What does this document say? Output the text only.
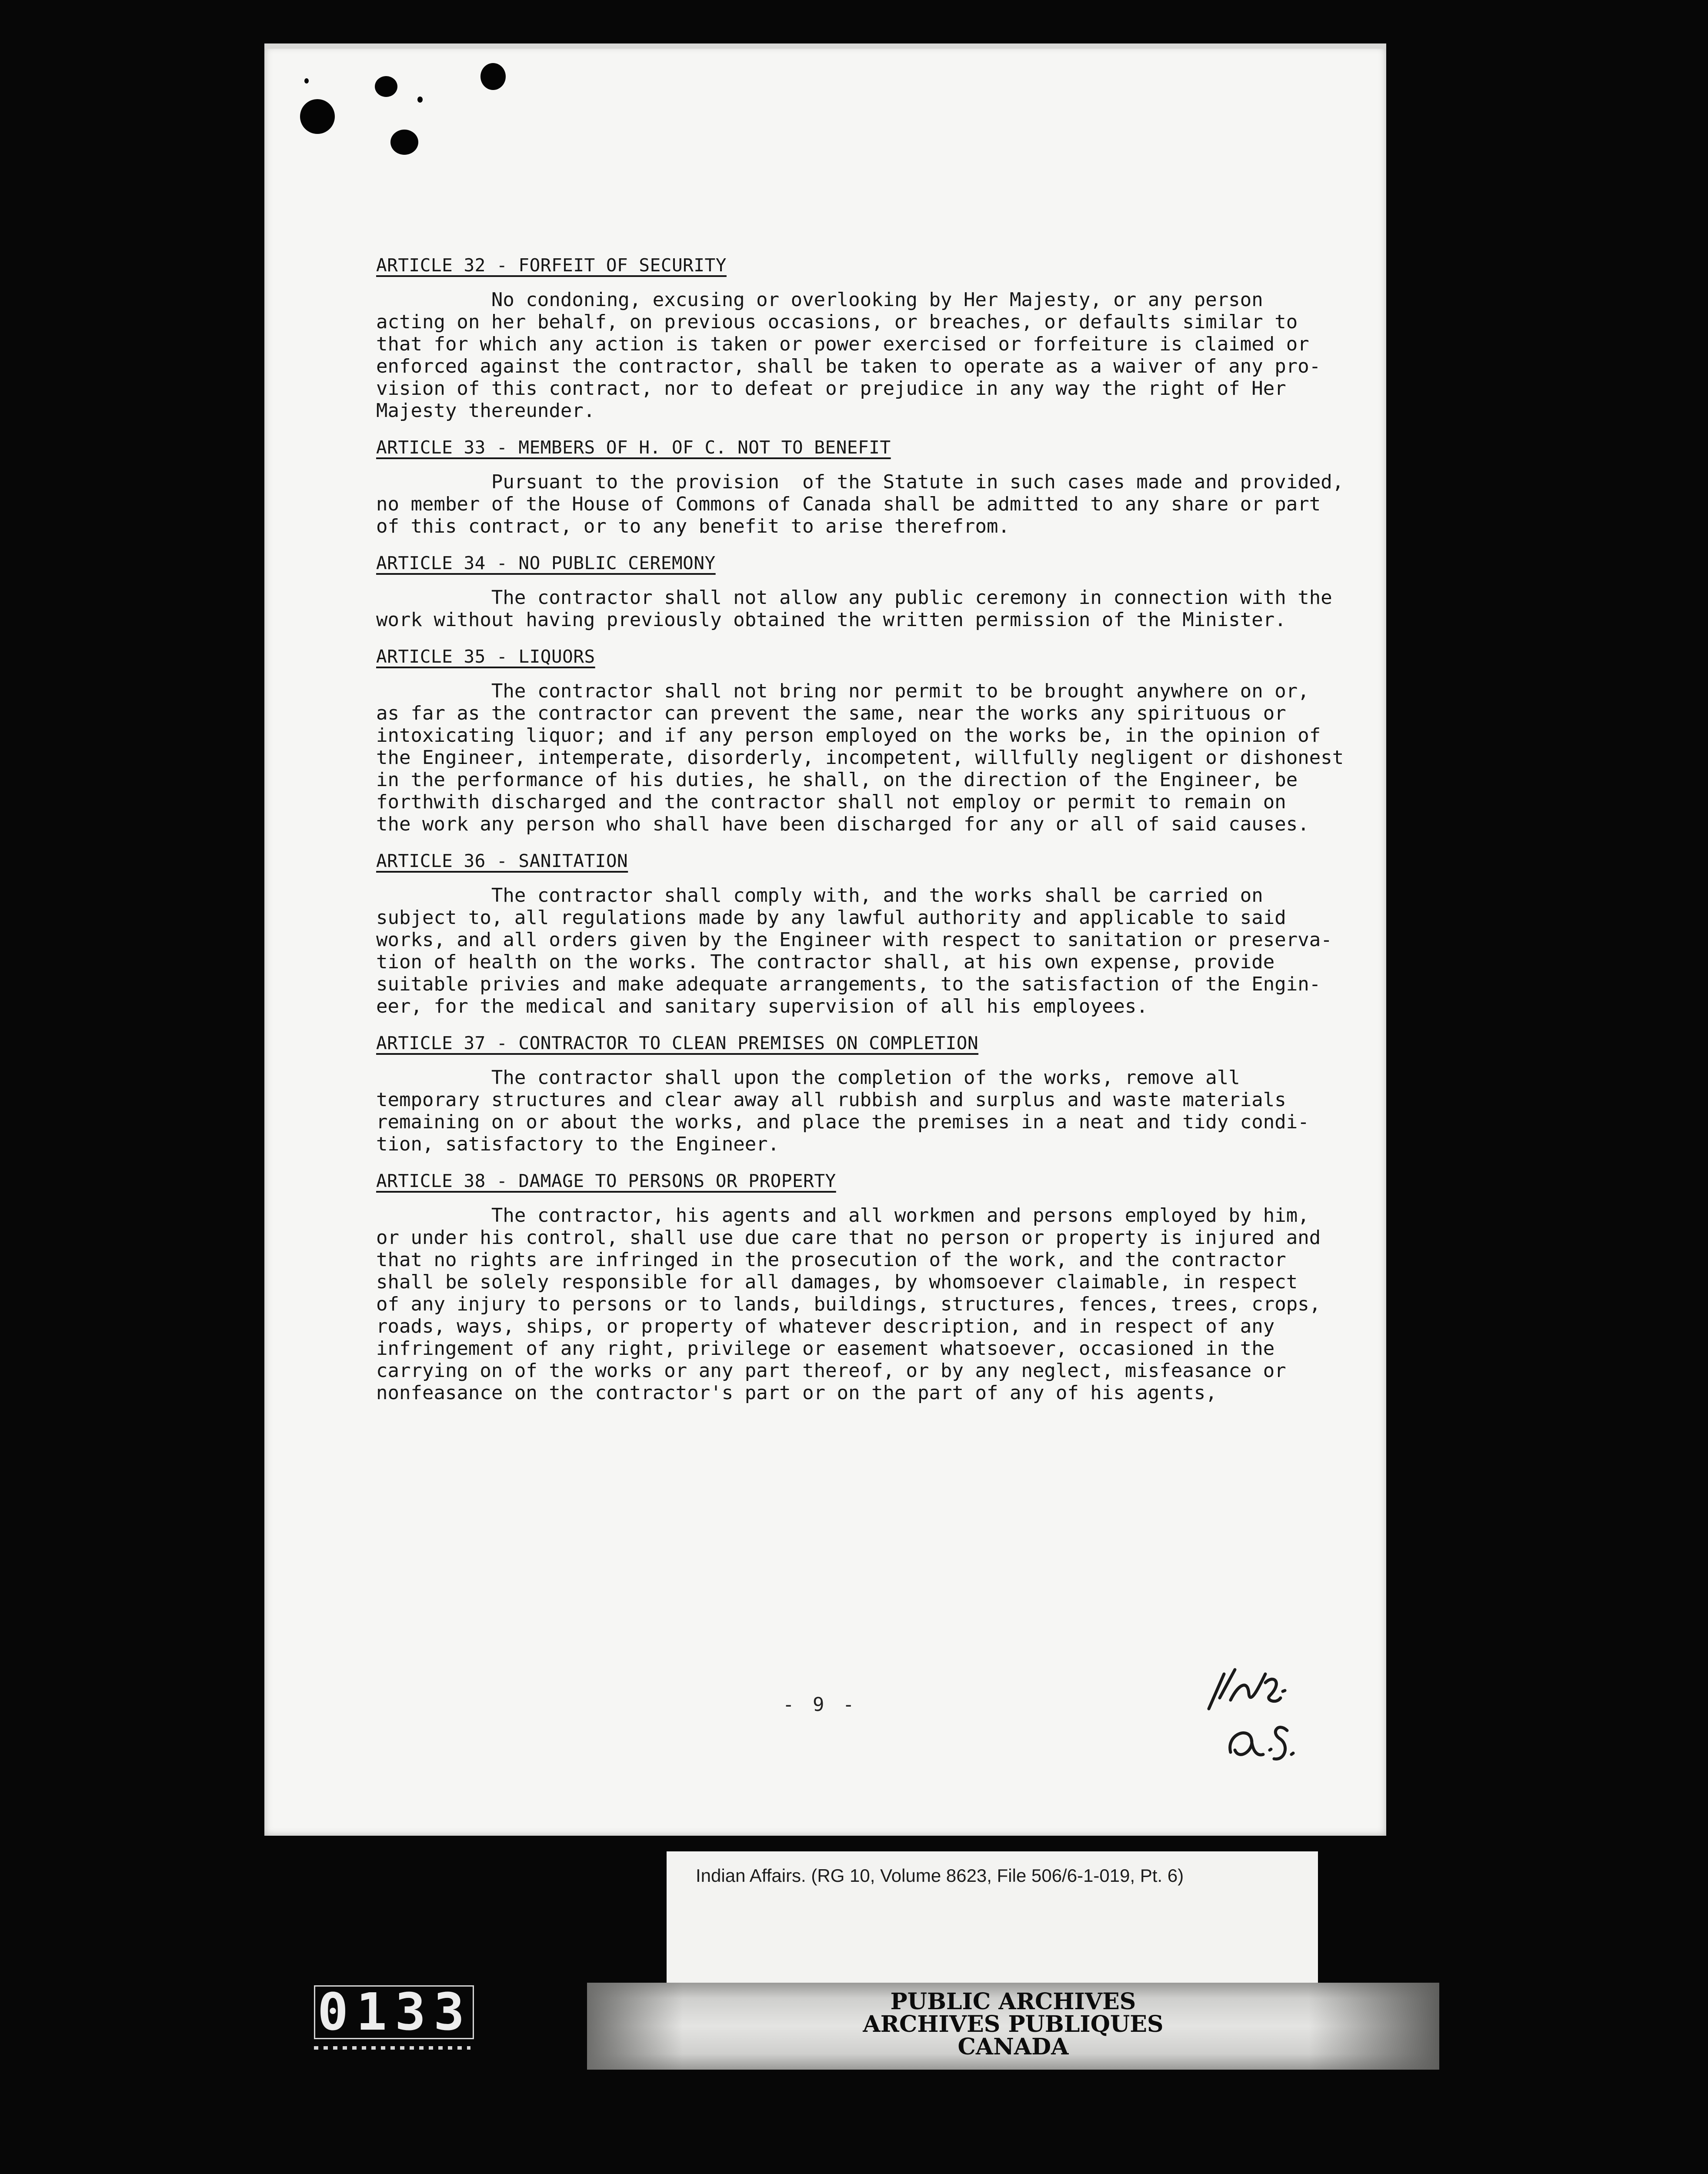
ARTICLE 32 - FORFEIT OF SECURITY
No condoning, excusing or overlooking by Her Majesty, or any person
acting on her behalf, on previous occasions, or breaches, or defaults similar to
that for which any action is taken or power exercised or forfeiture is claimed or
enforced against the contractor, shall be taken to operate as a waiver of any pro-
vision of this contract, nor to defeat or prejudice in any way the right of Her
Majesty thereunder.
ARTICLE 33 - MEMBERS OF H. OF C. NOT TO BENEFIT
Pursuant to the provision  of the Statute in such cases made and provided,
no member of the House of Commons of Canada shall be admitted to any share or part
of this contract, or to any benefit to arise therefrom.
ARTICLE 34 - NO PUBLIC CEREMONY
The contractor shall not allow any public ceremony in connection with
work without having previously obtained the written permission of the Minister.
ARTICLE 35 - LIQUORS
The contractor shall not bring nor permit to be brought anywhere on or,
as far as the contractor can prevent the same, near the works any spirituous or
intoxicating liquor; and if any person employed on the works be, in the opinion
the Engineer, intemperate, disorderly, incompetent, willfully negligent or dishonest
in the performance of his duties, he shall, on the direction of the Engineer, be
forthwith discharged and the contractor shall not employ or permit to remain on
the work any person who shall have been discharged for any or all of said causes.
ARTICLE 36 - SANITATION
The contractor shall comply with, and the works shall be carried on
subject to, all regulations made by any lawful authority and applicable to said
works, and all orders given by the Engineer with respect to sanitation or preserva-
tion of health on the works. The contractor shall, at his own expense, provide
suitable privies and make adequate arrangements, to the satisfaction of the Engin-
eer, for the medical and sanitary supervision of all his employees.
ARTICLE 37 - CONTRACTOR TO CLEAN PREMISES ON COMPLETION
The contractor shall upon the completion of the works, remove all
temporary structures and clear away all rubbish and surplus and waste materials
remaining on or about the works, and place the premises in a neat and tidy condi-
tion, satisfactory to the Engineer.
ARTICLE 38 - DAMAGE TO PERSONS OR PROPERTY
The contractor, his agents and all workmen and persons employed by him,
or under his control, shall use due care that no person or property is injured and
that no rights are infringed in the prosecution of the work, and the contractor
shall be solely responsible for all damages, by whomsoever claimable, in respect
of any injury to persons or to lands, buildings, structures, fences, trees, crops,
roads, ways, ships, or property of whatever description, and in respect of any
infringement of any right, privilege or easement whatsoever, occasioned in the
carrying on of the works or any part thereof, or by any neglect, misfeasance or
nonfeasance on the contractor's part or on the part of any of his agents,
- 9 -
Indian Affairs. (RG 10, Volume 8623, File 506/6-1-019, Pt. 6)
PUBLIC ARCHIVES
ARCHIVES PUBLIQUES
CANADA
0133
